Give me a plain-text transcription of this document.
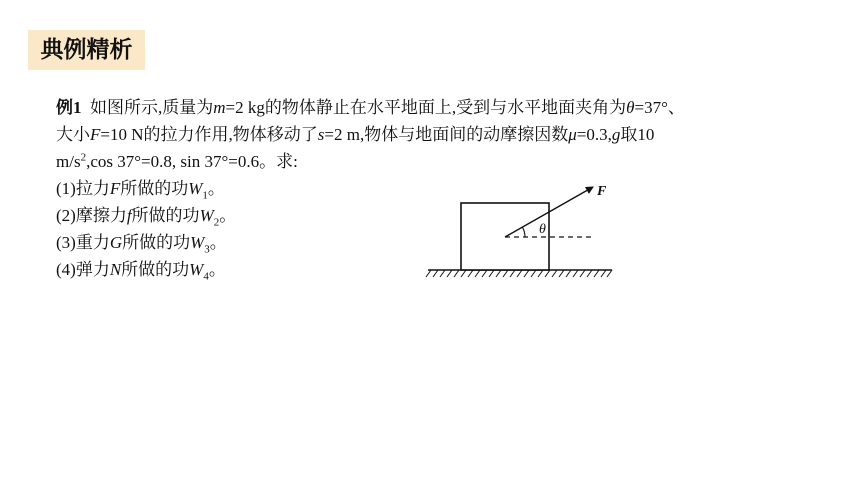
典例精析
例1 如图所示,质量为m=2 kg的物体静止在水平地面上,受到与水平地面夹角为θ=37°、
大小F=10 N的拉力作用,物体移动了s=2 m,物体与地面间的动摩擦因数μ=0.3,g取10
$m/s^2,\cos$ 37°=0.8, sin 37°=0.6。求:
(1)拉力F所做的功$W_1$。
(2)摩擦力f所做的功$W_2$。
(3)重力G所做的功$W_3$。
(4)弹力N所做的功$W_4$。
θ
F
